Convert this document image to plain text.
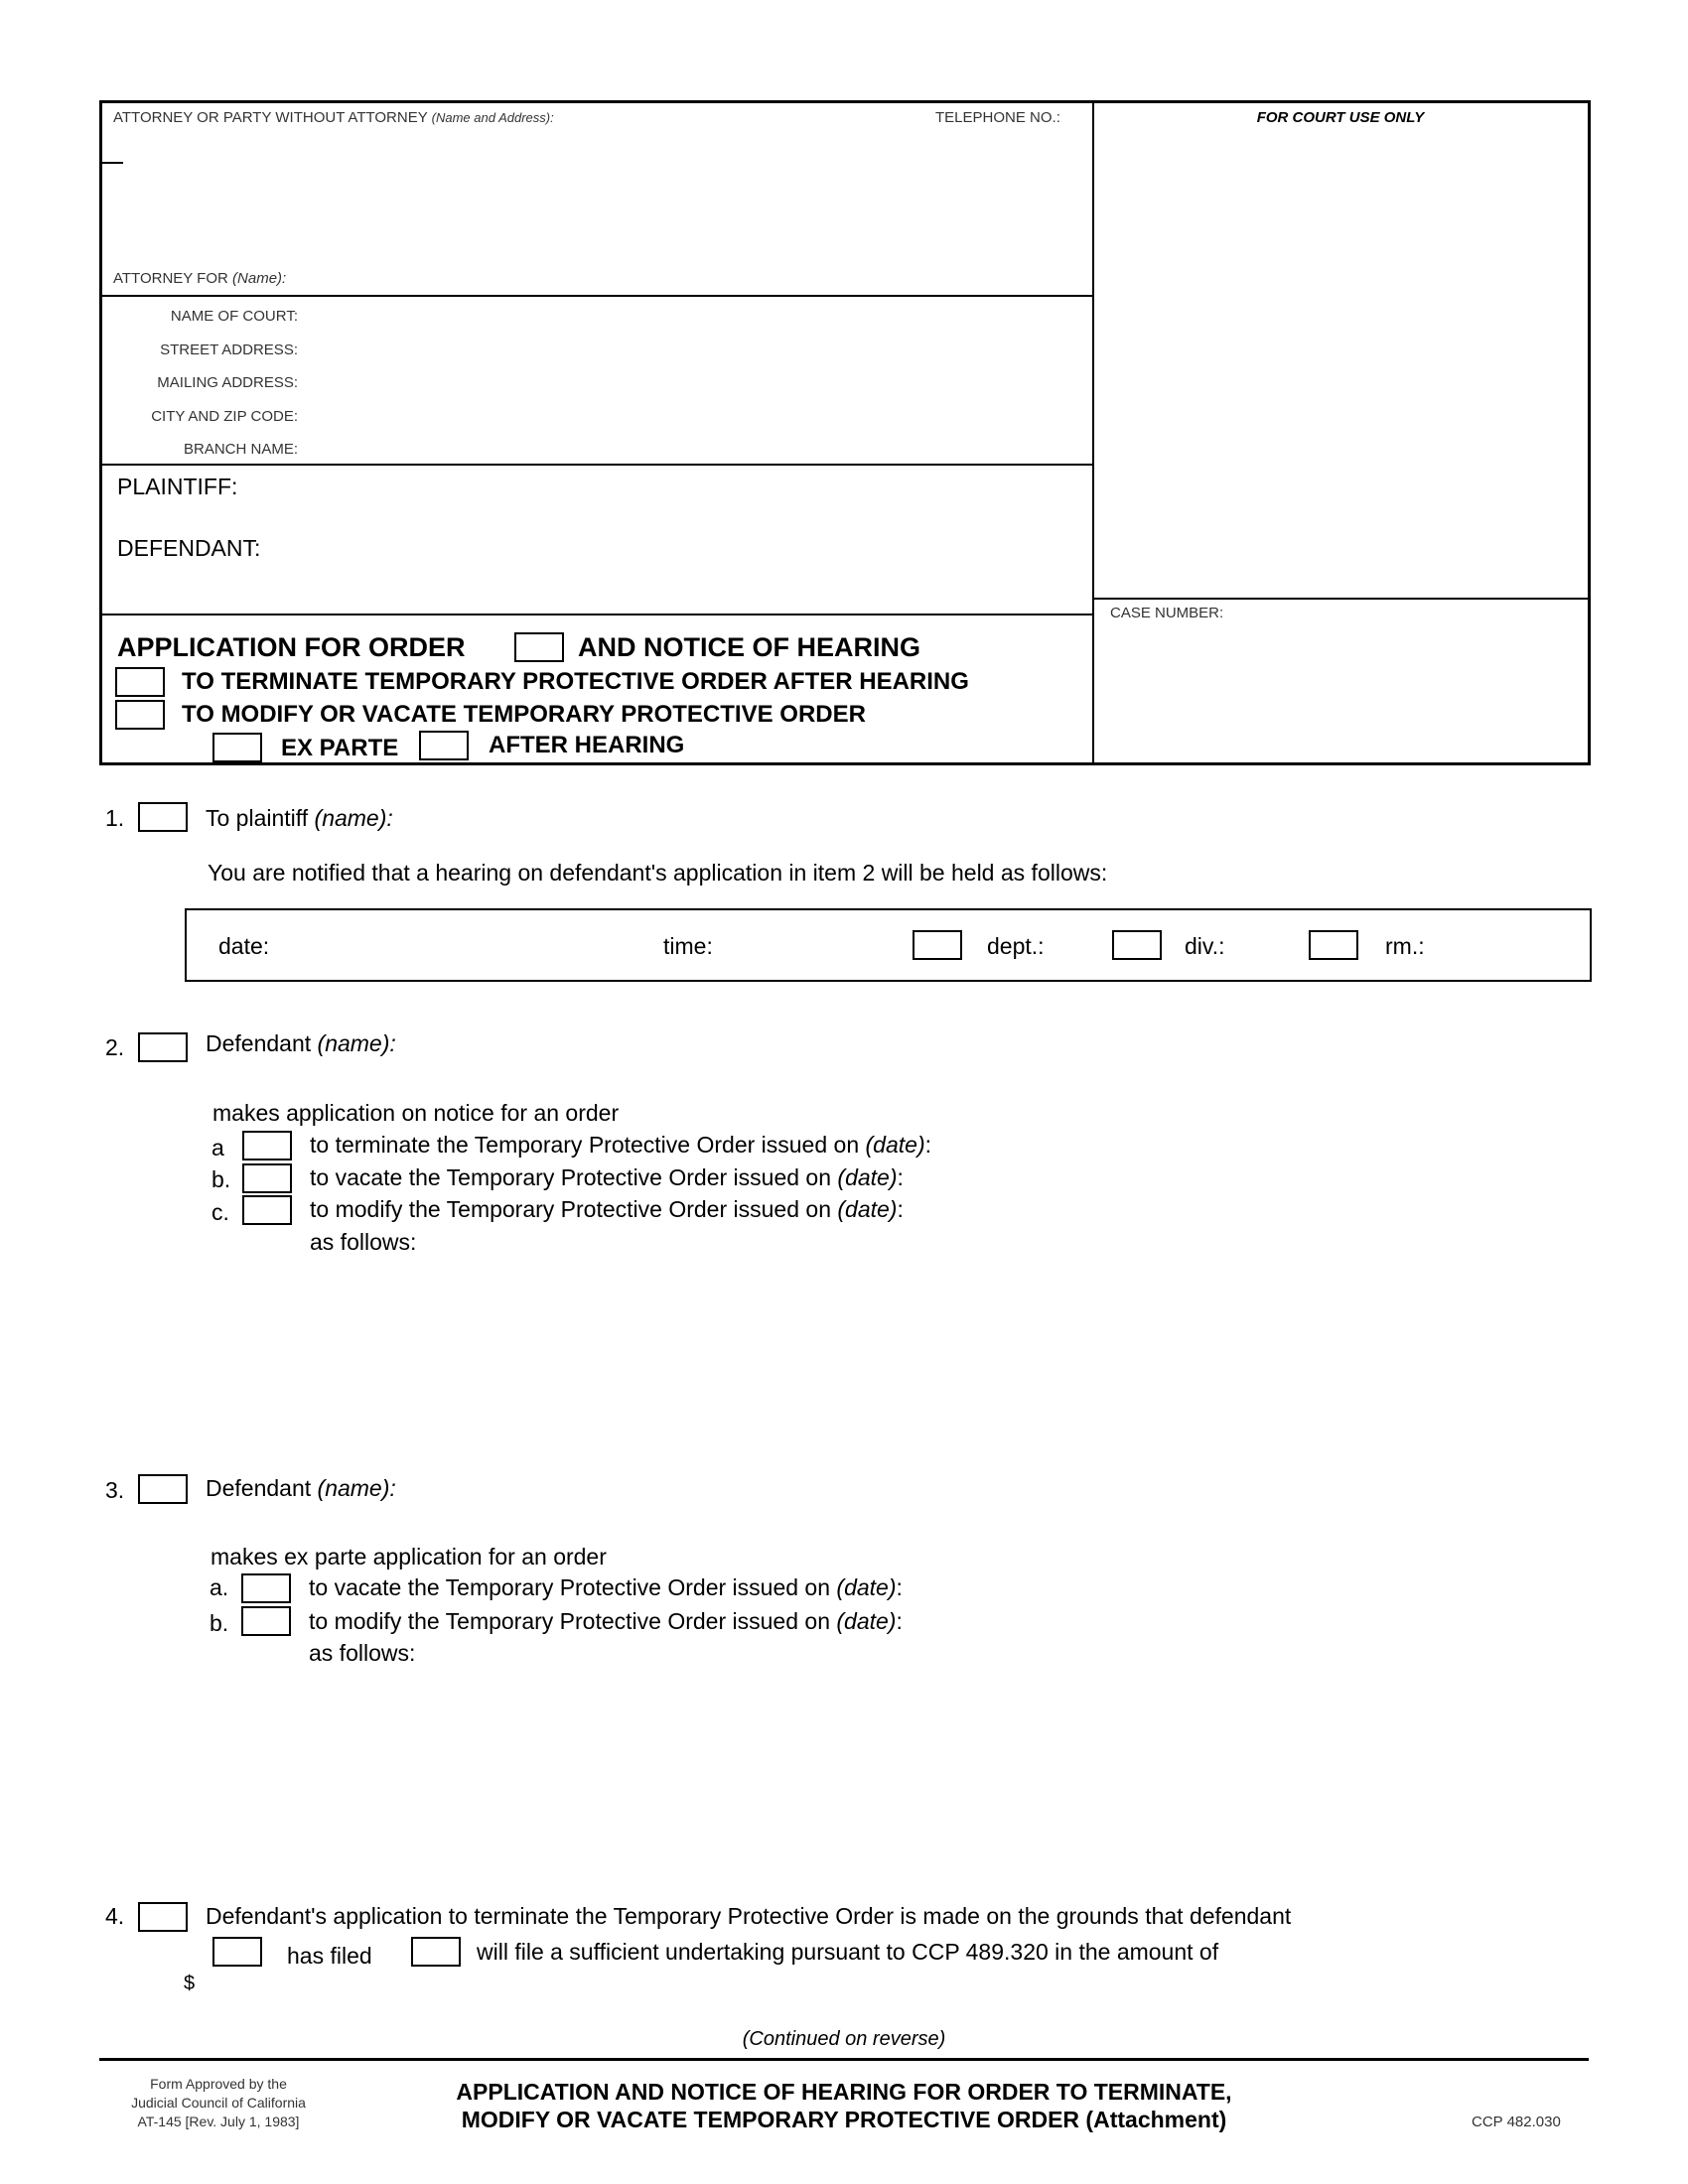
ATTORNEY OR PARTY WITHOUT ATTORNEY (Name and Address):	TELEPHONE NO.:
ATTORNEY FOR (Name):
FOR COURT USE ONLY
NAME OF COURT:
STREET ADDRESS:
MAILING ADDRESS:
CITY AND ZIP CODE:
BRANCH NAME:
PLAINTIFF:
DEFENDANT:
CASE NUMBER:
APPLICATION FOR ORDER	AND NOTICE OF HEARING
TO TERMINATE TEMPORARY PROTECTIVE ORDER AFTER HEARING
TO MODIFY OR VACATE TEMPORARY PROTECTIVE ORDER
EX PARTE	AFTER HEARING
1.	To plaintiff (name):
You are notified that a hearing on defendant's application in item 2 will be held as follows:
date:	time:	dept.:	div.:	rm.:
2.	Defendant (name):
makes application on notice for an order
a	to terminate the Temporary Protective Order issued on (date):
b.	to vacate the Temporary Protective Order issued on (date):
c.	to modify the Temporary Protective Order issued on (date):
as follows:
3.	Defendant (name):
makes ex parte application for an order
a.	to vacate the Temporary Protective Order issued on (date):
b.	to modify the Temporary Protective Order issued on (date):
as follows:
4.	Defendant's application to terminate the Temporary Protective Order is made on the grounds that defendant
has filed	will file a sufficient undertaking pursuant to CCP 489.320 in the amount of
$
(Continued on reverse)
Form Approved by the
Judicial Council of California
AT-145 [Rev. July 1, 1983]
APPLICATION AND NOTICE OF HEARING FOR ORDER TO TERMINATE,
MODIFY OR VACATE TEMPORARY PROTECTIVE ORDER (Attachment)	CCP 482.030
